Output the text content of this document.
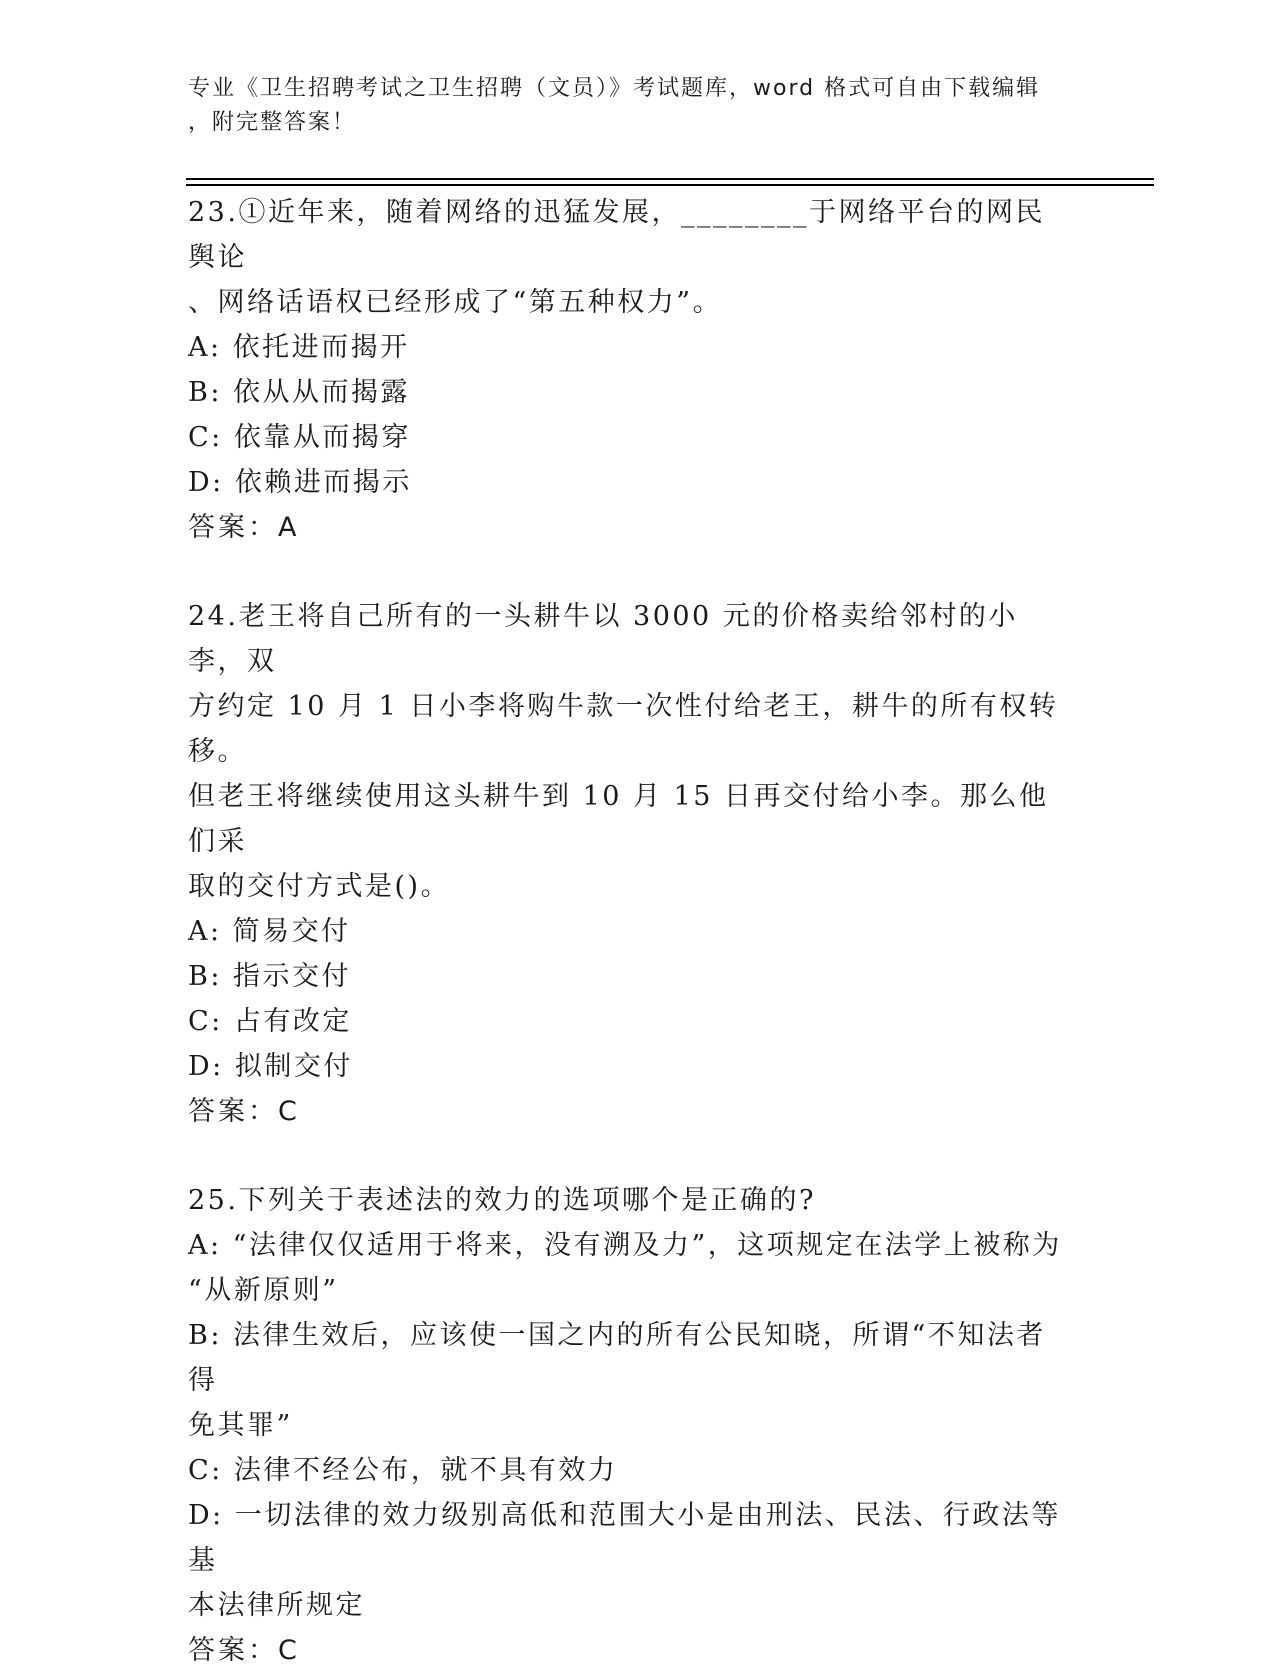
专业《卫生招聘考试之卫生招聘（文员）》考试题库，word 格式可自由下载编辑
，附完整答案！

23.①近年来，随着网络的迅猛发展，________于网络平台的网民舆论

、网络话语权已经形成了“第五种权力”。

A: 依托进而揭开

B: 依从从而揭露

C: 依靠从而揭穿

D: 依赖进而揭示

答案：A

24.老王将自己所有的一头耕牛以 3000 元的价格卖给邻村的小李，双

方约定 10 月 1 日小李将购牛款一次性付给老王，耕牛的所有权转移。

但老王将继续使用这头耕牛到 10 月 15 日再交付给小李。那么他们采

取的交付方式是()。

A: 简易交付

B: 指示交付

C: 占有改定

D: 拟制交付

答案：C

25.下列关于表述法的效力的选项哪个是正确的?

A: “法律仅仅适用于将来，没有溯及力”，这项规定在法学上被称为

“从新原则”

B: 法律生效后，应该使一国之内的所有公民知晓，所谓“不知法者得

免其罪”

C: 法律不经公布，就不具有效力

D: 一切法律的效力级别高低和范围大小是由刑法、民法、行政法等基

本法律所规定

答案：C
